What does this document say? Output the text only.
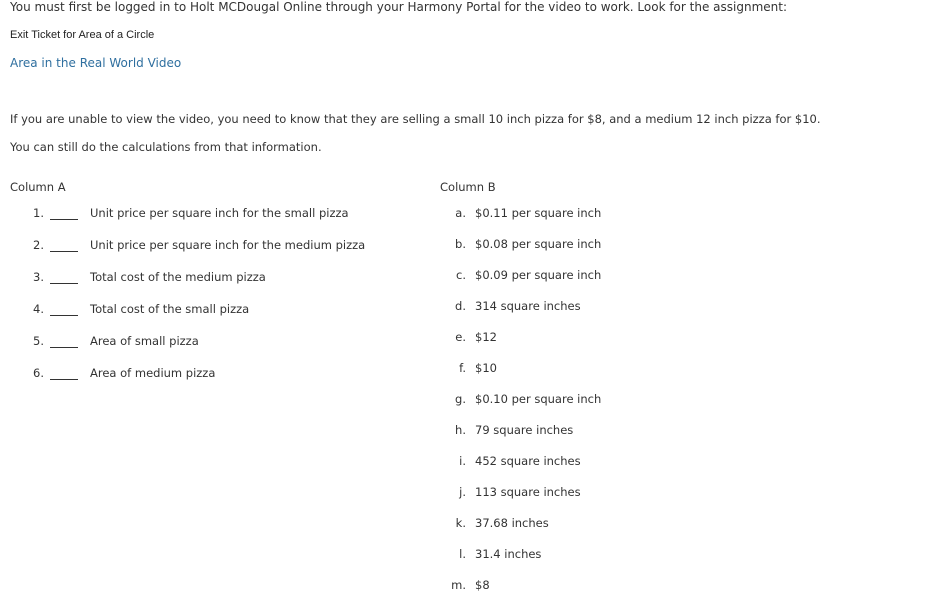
You must first be logged in to Holt MCDougal Online through your Harmony Portal for the video to work. Look for the assignment:
Exit Ticket for Area of a Circle
Area in the Real World Video
If you are unable to view the video, you need to know that they are selling a small 10 inch pizza for $8, and a medium 12 inch pizza for $10.
You can still do the calculations from that information.
Column A	Column B
1.	Unit price per square inch for the small pizza
2.	Unit price per square inch for the medium pizza
3.	Total cost of the medium pizza
4.	Total cost of the small pizza
5.	Area of small pizza
6.	Area of medium pizza
a. $0.11 per square inch
b. $0.08 per square inch
c. $0.09 per square inch
d. 314 square inches
e. $12
f. $10
g. $0.10 per square inch
h. 79 square inches
i. 452 square inches
j. 113 square inches
k. 37.68 inches
l. 31.4 inches
m. $8
